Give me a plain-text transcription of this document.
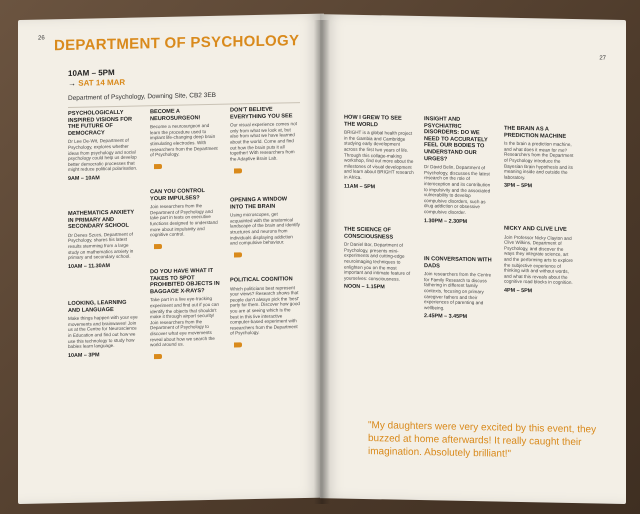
26 DEPARTMENT OF PSYCHOLOGY
10AM – 5PM
→ SAT 14 MAR
Department of Psychology, Downing Site, CB2 3EB
PSYCHOLOGICALLY INSPIRED VISIONS FOR THE FUTURE OF DEMOCRACY

Dr Lee De-Wit, Department of Psychology, explores whether ideas from psychology and social psychology could help us develop better democratic processes that might reduce political polarisation.

9AM – 10AM
MATHEMATICS ANXIETY IN PRIMARY AND SECONDARY SCHOOL

Dr Denes Szucs, Department of Psychology, shares his latest results stemming from a large study on mathematics anxiety in primary and secondary school.

10AM – 11.30AM
LOOKING, LEARNING AND LANGUAGE

Make things happen with your eye movements and brainwaves! Join us at the Centre for Neuroscience in Education and find out how we use this technology to study how babies learn language.

10AM – 3PM
BECOME A NEUROSURGEON!

Become a neurosurgeon and learn the procedure used to implant life-changing deep brain stimulating electrodes. With researchers from the Department of Psychology.

CAN YOU CONTROL YOUR IMPULSES?

Join researchers from the Department of Psychology and take part in tests on executive functions designed to understand more about impulsivity and cognitive control.

DO YOU HAVE WHAT IT TAKES TO SPOT PROHIBITED OBJECTS IN BAGGAGE X-RAYS?

Take part in a live eye-tracking experiment and find out if you can identify the objects that shouldn't make it through airport security! Join researchers from the Department of Psychology to discover what eye movements reveal about how we search the world around us.

DON'T BELIEVE EVERYTHING YOU SEE

Our visual experience comes not only from what we look at, but also from what we have learned about the world. Come and find out how the brain puts it all together! With researchers from the Adaptive Brain Lab.

OPENING A WINDOW INTO THE BRAIN

Using microscopes, get acquainted with the anatomical landscape of the brain and identify structures and neurons from individuals displaying addiction and compulsive behaviour.

POLITICAL COGNITION

Which politicians best represent your views? Research shows that people don't always pick the 'best' party for them. Discover how good you are at seeing which is the best in this live interactive computer-based experiment with researchers from the Department of Psychology.

27
HOW I GREW TO SEE THE WORLD

BRIGHT is a global health project in the Gambia and Cambridge studying early development across the first two years of life. Through this collage-making workshop, find out more about the milestones of visual development and learn about BRIGHT research in Africa.

11AM – 5PM
THE SCIENCE OF CONSCIOUSNESS

Dr Daniel Bor, Department of Psychology, presents mini-experiments and cutting-edge neuroimaging techniques to enlighten you on the most important and intimate feature of yourselves: consciousness.

NOON – 1.15PM
INSIGHT AND PSYCHIATRIC DISORDERS: DO WE NEED TO ACCURATELY FEEL OUR BODIES TO UNDERSTAND OUR URGES?

Dr David Belin, Department of Psychology, discusses the latest research on the role of interoception and its contribution to impulsivity and the associated vulnerability to develop compulsive disorders, such as drug addiction or obsessive compulsive disorder.

1.30PM – 2.30PM
IN CONVERSATION WITH DADS

Join researchers from the Centre for Family Research to discuss fathering in different family contexts, focusing on primary caregiver fathers and their experiences of parenting and wellbeing.

2.45PM – 3.45PM
THE BRAIN AS A PREDICTION MACHINE

Is the brain a prediction machine, and what does it mean for me? Researchers from the Department of Psychology introduce the Bayesian Brain hypothesis and its meaning inside and outside the laboratory.

3PM – 5PM
NICKY AND CLIVE LIVE

Join Professor Nicky Clayton and Clive Wilkins, Department of Psychology, and discover the ways they integrate science, art and the performing arts to explore the subjective experience of thinking with and without words, and what this reveals about the cognitive road blocks in cognition.

4PM – 5PM
"My daughters were very excited by this event, they buzzed at home afterwards! It really caught their imagination. Absolutely brilliant!"
